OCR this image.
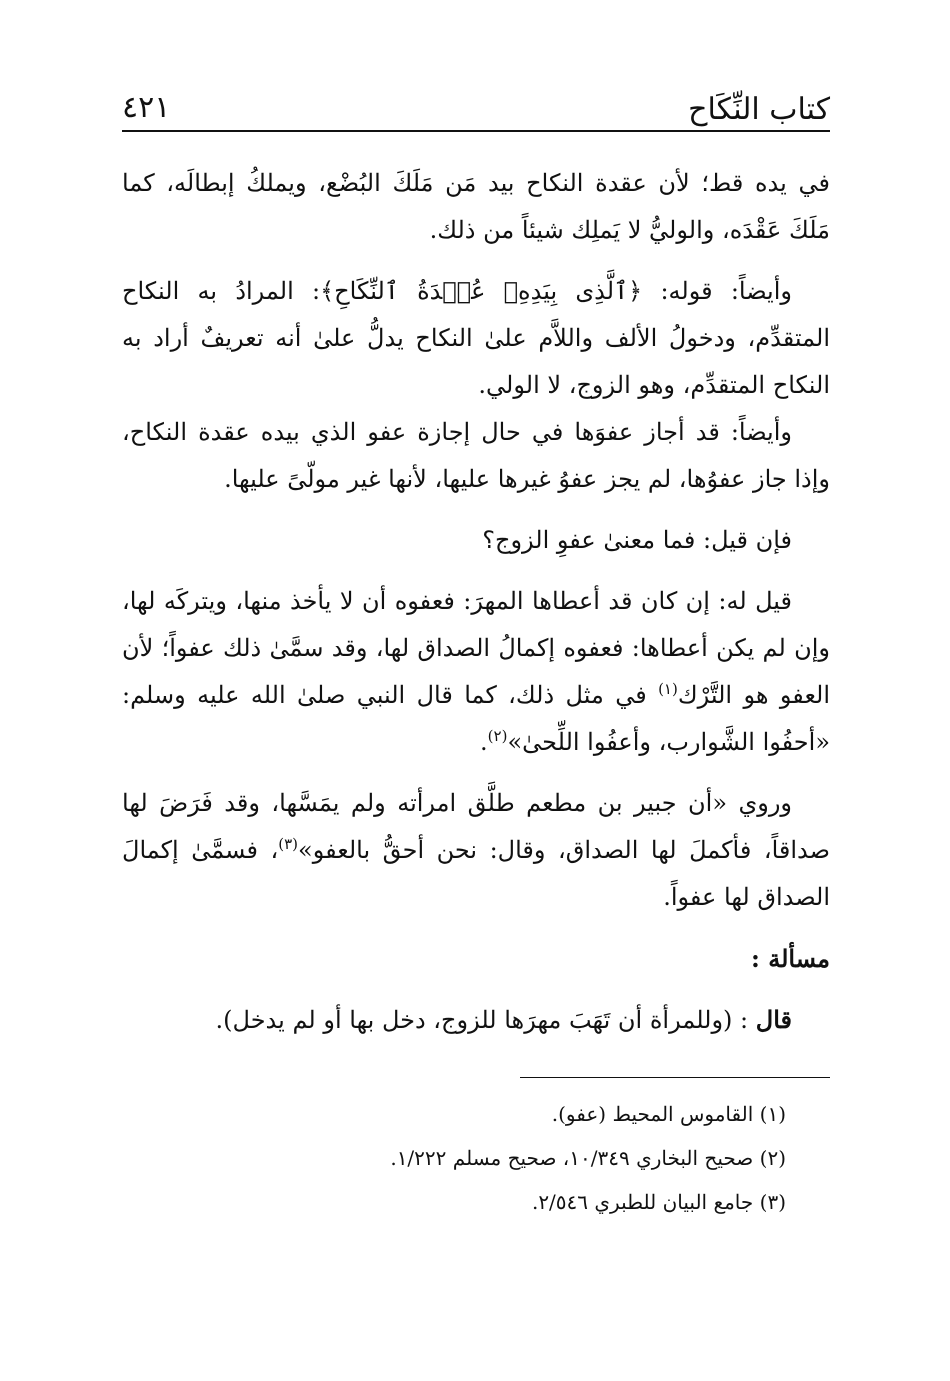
كتاب النِّكَاح
٤٢١

في يده قط؛ لأن عقدة النكاح بيد مَن مَلَكَ البُضْع، ويملكُ إبطالَه، كما مَلَكَ عَقْدَه، والوليُّ لا يَملِك شيئاً من ذلك.

وأيضاً: قوله: ﴿ٱلَّذِى بِيَدِهِۦ عُقۡدَةُ ٱلنِّكَاحِ﴾: المرادُ به النكاح المتقدِّم، ودخولُ الألف واللاَّم علىٰ النكاح يدلُّ علىٰ أنه تعريفٌ أراد به النكاح المتقدِّم، وهو الزوج، لا الولي.

وأيضاً: قد أجاز عفوَها في حال إجازة عفو الذي بيده عقدة النكاح، وإذا جاز عفوُها، لم يجز عفوُ غيرها عليها، لأنها غير مولّىً عليها.

فإن قيل: فما معنىٰ عفوِ الزوج؟

قيل له: إن كان قد أعطاها المهرَ: فعفوه أن لا يأخذ منها، ويتركَه لها، وإن لم يكن أعطاها: فعفوه إكمالُ الصداق لها، وقد سمَّىٰ ذلك عفواً؛ لأن العفو هو التَّرْك$^{(١)}$ في مثل ذلك، كما قال النبي صلىٰ الله عليه وسلم: «أحفُوا الشَّوارب، وأعفُوا اللِّحىٰ»$^{(٢)}$.

وروي «أن جبير بن مطعم طلَّق امرأته ولم يمَسَّها، وقد فَرَضَ لها صداقاً، فأكملَ لها الصداق، وقال: نحن أحقُّ بالعفو»$^{(٣)}$، فسمَّىٰ إكمالَ الصداق لها عفواً.

مسألة :

قال : (وللمرأة أن تَهَبَ مهرَها للزوج، دخل بها أو لم يدخل).

(١) القاموس المحيط (عفو).

(٢) صحيح البخاري ١٠/٣٤٩، صحيح مسلم ١/٢٢٢.

(٣) جامع البيان للطبري ٢/٥٤٦.
